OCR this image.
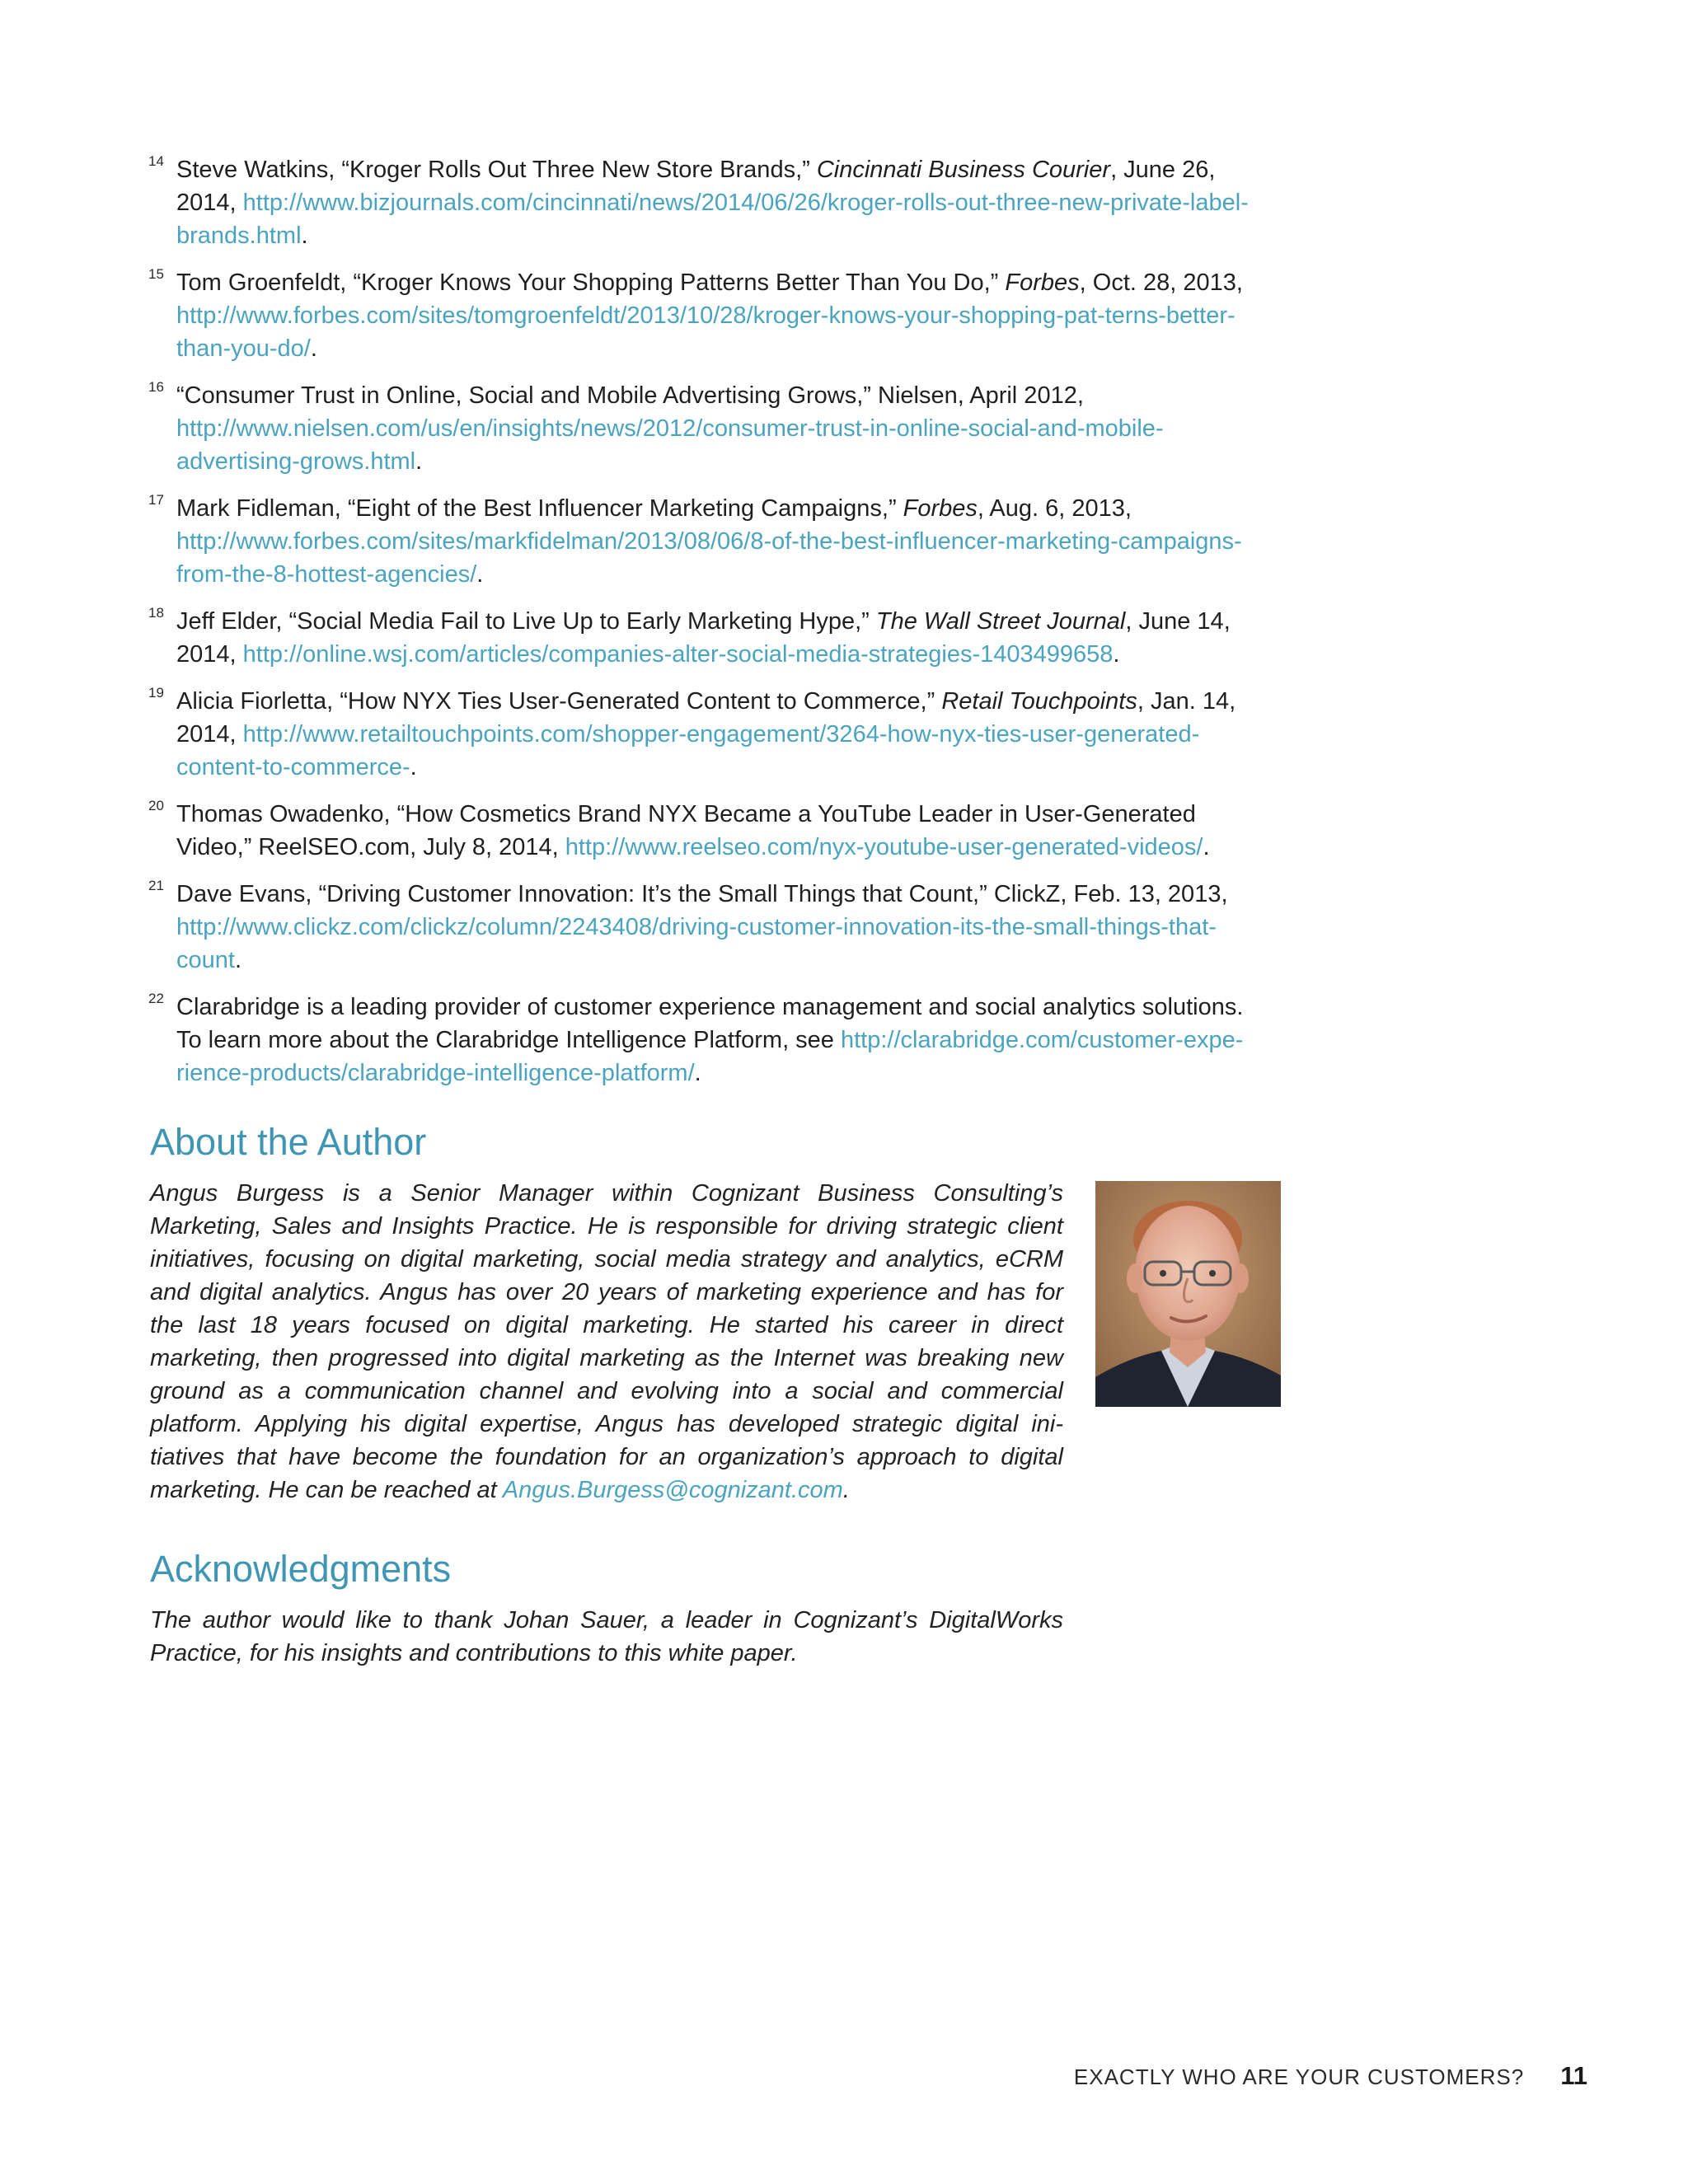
14 Steve Watkins, “Kroger Rolls Out Three New Store Brands,” Cincinnati Business Courier, June 26, 2014, http://www.bizjournals.com/cincinnati/news/2014/06/26/kroger-rolls-out-three-new-private-label-brands.html.
15 Tom Groenfeldt, “Kroger Knows Your Shopping Patterns Better Than You Do,” Forbes, Oct. 28, 2013, http://www.forbes.com/sites/tomgroenfeldt/2013/10/28/kroger-knows-your-shopping-pat-terns-better-than-you-do/.
16 “Consumer Trust in Online, Social and Mobile Advertising Grows,” Nielsen, April 2012, http://www.nielsen.com/us/en/insights/news/2012/consumer-trust-in-online-social-and-mobile-advertising-grows.html.
17 Mark Fidleman, “Eight of the Best Influencer Marketing Campaigns,” Forbes, Aug. 6, 2013, http://www.forbes.com/sites/markfidelman/2013/08/06/8-of-the-best-influencer-marketing-campaigns-from-the-8-hottest-agencies/.
18 Jeff Elder, “Social Media Fail to Live Up to Early Marketing Hype,” The Wall Street Journal, June 14, 2014, http://online.wsj.com/articles/companies-alter-social-media-strategies-1403499658.
19 Alicia Fiorletta, “How NYX Ties User-Generated Content to Commerce,” Retail Touchpoints, Jan. 14, 2014, http://www.retailtouchpoints.com/shopper-engagement/3264-how-nyx-ties-user-generated-content-to-commerce-.
20 Thomas Owadenko, “How Cosmetics Brand NYX Became a YouTube Leader in User-Generated Video,” ReelSEO.com, July 8, 2014, http://www.reelseo.com/nyx-youtube-user-generated-videos/.
21 Dave Evans, “Driving Customer Innovation: It’s the Small Things that Count,” ClickZ, Feb. 13, 2013, http://www.clickz.com/clickz/column/2243408/driving-customer-innovation-its-the-small-things-that-count.
22 Clarabridge is a leading provider of customer experience management and social analytics solutions. To learn more about the Clarabridge Intelligence Platform, see http://clarabridge.com/customer-expe-rience-products/clarabridge-intelligence-platform/.
About the Author

Angus Burgess is a Senior Manager within Cognizant Business Consulting’s Marketing, Sales and Insights Practice. He is responsible for driving strategic client initiatives, focusing on digital marketing, social media strategy and analytics, eCRM and digital analytics. Angus has over 20 years of marketing experience and has for the last 18 years focused on digital marketing. He started his career in direct marketing, then progressed into digital marketing as the Internet was breaking new ground as a communication channel and evolving into a social and commercial platform. Applying his digital expertise, Angus has developed strategic digital ini-tiatives that have become the foundation for an organization’s approach to digital marketing. He can be reached at Angus.Burgess@cognizant.com.

Acknowledgments

The author would like to thank Johan Sauer, a leader in Cognizant’s DigitalWorks Practice, for his insights and contributions to this white paper.

EXACTLY WHO ARE YOUR CUSTOMERS? 11
